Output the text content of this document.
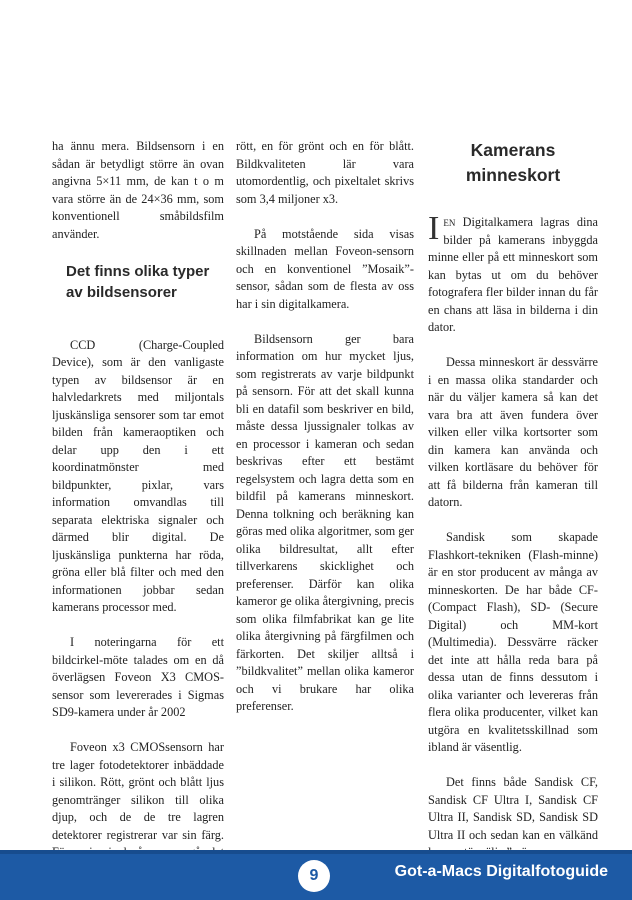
ha ännu mera. Bildsensorn i en sådan är betydligt större än ovan angivna 5×11 mm, de kan t o m vara större än de 24×36 mm, som konventionell småbildsfilm använder.

Det finns olika typer av bildsensorer

CCD (Charge-Coupled Device), som är den vanligaste typen av bildsensor är en halvledarkrets med miljontals ljuskänsliga sensorer som tar emot bilden från kameraoptiken och delar upp den i ett koordinatmönster med bildpunkter, pixlar, vars information omvandlas till separata elektriska signaler och därmed blir digital. De ljuskänsliga punkterna har röda, gröna eller blå filter och med den informationen jobbar sedan kamerans processor med.

I noteringarna för ett bildcirkel-möte talades om en då överlägsen Foveon X3 CMOS-sensor som levererades i Sigmas SD9-kamera under år 2002

Foveon x3 CMOSsensorn har tre lager fotodetektorer inbäddade i silikon. Rött, grönt och blått ljus genomtränger silikon till olika djup, och de de tre lagren detektorer registrerar var sin färg.

rött, en för grönt och en för blått. Bildkvaliteten lär vara utomordentlig, och pixeltalet skrivs som 3,4 miljoner x3.

På motstående sida visas skillnaden mellan Foveon-sensorn och en konventionel ”Mosaik”-sensor, sådan som de flesta av oss har i sin digitalkamera.

Bildsensorn ger bara information om hur mycket ljus, som registrerats av varje bildpunkt på sensorn. För att det skall kunna bli en datafil som beskriver en bild, måste dessa ljussignaler tolkas av en processor i kameran och sedan beskrivas efter ett bestämt regelsystem och lagra detta som en bildfil på kamerans minneskort. Denna tolkning och beräkning kan göras med olika algoritmer, som ger olika bildresultat, allt efter tillverkarens skicklighet och preferenser. Därför kan olika kameror ge olika återgivning, precis som olika filmfabrikat kan ge lite olika återgivning på färgfilmen och färkorten. Det skiljer alltså i ”bildkvalitet” mellan olika kameror och vi brukare har olika preferenser.

Kamerans minneskort

Ien Digitalkamera lagras dina bilder på kamerans inbyggda minne eller på ett minneskort som kan bytas ut om du behöver fotografera fler bilder innan du får en chans att läsa in bilderna i din dator.

Dessa minneskort är dessvärre i en massa olika standarder och när du väljer kamera så kan det vara bra att även fundera över vilken eller vilka kortsorter som din kamera kan använda och vilken kortläsare du behöver för att få bilderna från kameran till datorn.

Sandisk som skapade Flashkort-tekniken (Flash-minne) är en stor producent av många av minneskorten. De har både CF-(Compact Flash), SD- (Secure Digital) och MM-kort (Multimedia). Dessvärre räcker det inte att hålla reda bara på dessa utan de finns dessutom i olika varianter och levereras från flera olika producenter, vilket kan utgöra en kvalitetsskillnad som ibland är väsentlig.

Det finns både Sandisk CF, Sandisk CF Ultra I, Sandisk CF Ultra II, Sandisk SD, Sandisk SD Ultra II och sedan kan en välkänd

9	Got-a-Macs Digitalfotoguide
